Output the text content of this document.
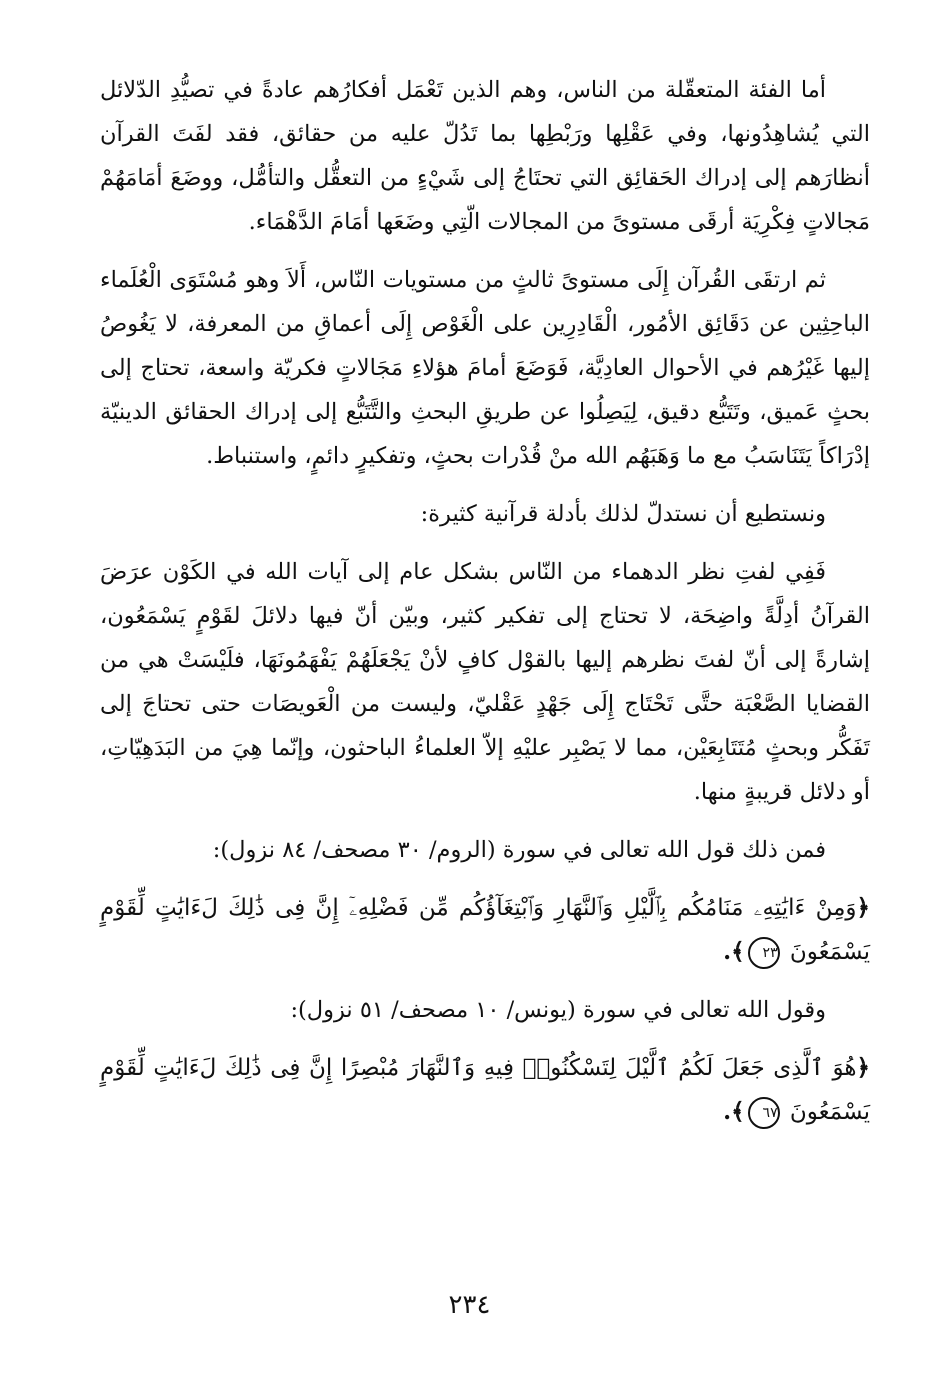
أما الفئة المتعقّلة من الناس، وهم الذين تَعْمَل أفكارُهم عادةً في تصيُّدِ الدّلائل التي يُشاهِدُونها، وفي عَقْلِها ورَبْطِها بما تَدُلّ عليه من حقائق، فقد لفَتَ القرآن أنظارَهم إلى إدراك الحَقائِق التي تحتَاجُ إلى شَيْءٍ من التعقُّل والتأمُّل، ووضَعَ أمَامَهُمْ مَجالاتٍ فِكْرِيَة أرقَى مستوىً من المجالات الّتِي وضَعَها أمَامَ الدَّهْمَاء.

ثم ارتقَى القُرآن إِلَى مستوىً ثالثٍ من مستويات النّاس، أَلاَ وهو مُسْتَوَى الْعُلَماء الباحِثِين عن دَقَائِق الأمُور، الْقَادِرِين على الْغَوْص إِلَى أعماقِ من المعرفة، لا يَغُوصُ إليها غَيْرُهم في الأحوال العادِيَّة، فَوَضَعَ أمامَ هؤلاءِ مَجَالاتٍ فكريّة واسعة، تحتاج إلى بحثٍ عَميق، وتَتَبُّع دقيق، لِيَصِلُوا عن طريقِ البحثِ والتَّتَبُّع إلى إدراك الحقائق الدينيّة إدْرَاكاً يَتَنَاسَبُ مع ما وَهَبَهُم الله منْ قُدْرات بحثٍ، وتفكيرٍ دائمٍ، واستنباط.

ونستطيع أن نستدلّ لذلك بأدلة قرآنية كثيرة:

فَفِي لفتِ نظر الدهماء من النّاس بشكل عام إلى آيات الله في الكَوْن عرَضَ القرآنُ أدِلَّةً واضِحَة، لا تحتاج إلى تفكير كثير، وبيّن أنّ فيها دلائلَ لقَوْمٍ يَسْمَعُون، إشارةً إلى أنّ لفتَ نظرهم إليها بالقوْل كافٍ لأنْ يَجْعَلَهُمْ يَفْهَمُونَهَا، فلَيْسَتْ هي من القضايا الصَّعْبَة حتَّى تَحْتَاج إِلَى جَهْدٍ عَقْليّ، وليست من الْعَويصَات حتى تحتاجَ إلى تَفَكُّر وبحثٍ مُتَتَابِعَيْن، مما لا يَصْبِر عليْهِ إلاّ العلماءُ الباحثون، وإنّما هِيَ من البَدَهِيّاتِ، أو دلائل قريبةٍ منها.

فمن ذلك قول الله تعالى في سورة (الروم/ ٣٠ مصحف/ ٨٤ نزول):

﴿وَمِنْ ءَايَٰتِهِۦ مَنَامُكُم بِٱلَّيْلِ وَٱلنَّهَارِ وَٱبْتِغَآؤُكُم مِّن فَضْلِهِۦٓ إِنَّ فِى ذَٰلِكَ لَءَايَٰتٍ لِّقَوْمٍ يَسْمَعُونَ ٢٣﴾.

وقول الله تعالى في سورة (يونس/ ١٠ مصحف/ ٥١ نزول):

﴿هُوَ ٱلَّذِى جَعَلَ لَكُمُ ٱلَّيْلَ لِتَسْكُنُوا۟ فِيهِ وَٱلنَّهَارَ مُبْصِرًا إِنَّ فِى ذَٰلِكَ لَءَايَٰتٍ لِّقَوْمٍ يَسْمَعُونَ ٦٧﴾.

٢٣٤
